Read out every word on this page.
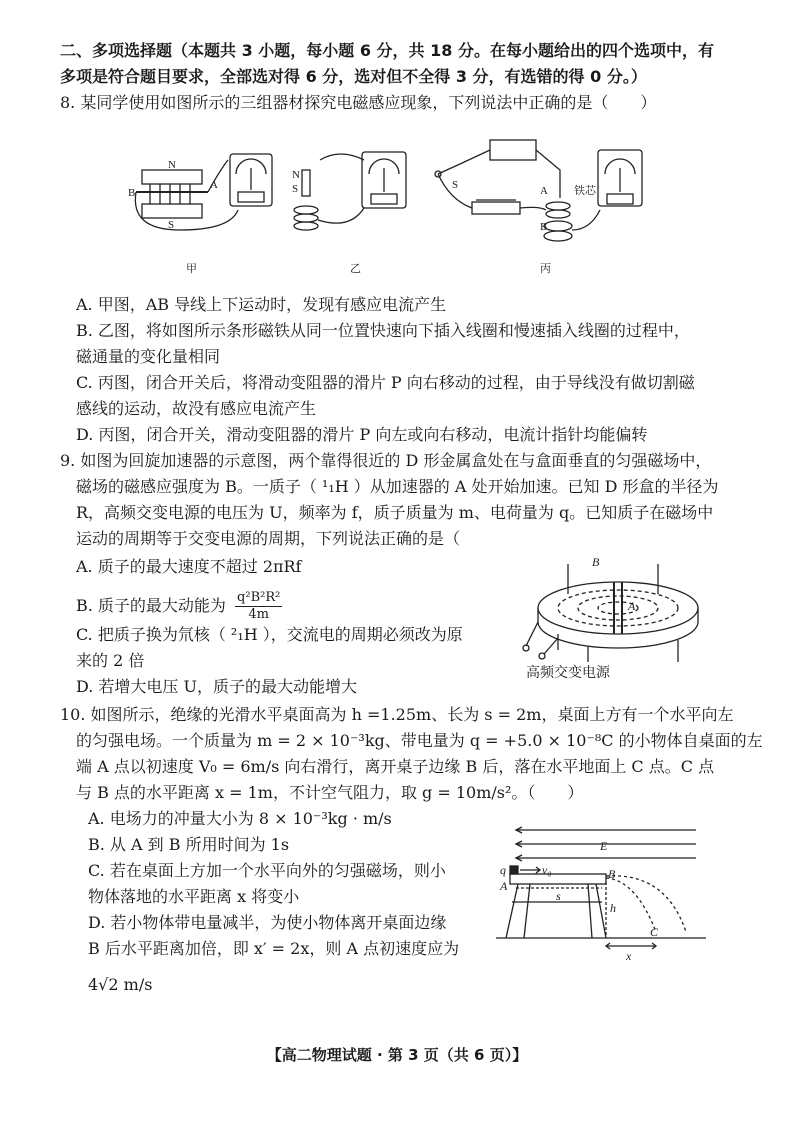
二、多项选择题（本题共 3 小题，每小题 6 分，共 18 分。在每小题给出的四个选项中，有
多项是符合题目要求，全部选对得 6 分，选对但不全得 3 分，有选错的得 0 分。）
8. 某同学使用如图所示的三组器材探究电磁感应现象，下列说法中正确的是（　　）
N
S
B
A
N
S	S	A
B
铁芯
甲	乙	丙
A. 甲图，AB 导线上下运动时，发现有感应电流产生
B. 乙图，将如图所示条形磁铁从同一位置快速向下插入线圈和慢速插入线圈的过程中，
磁通量的变化量相同
C. 丙图，闭合开关后，将滑动变阻器的滑片 P 向右移动的过程，由于导线没有做切割磁
感线的运动，故没有感应电流产生
D. 丙图，闭合开关，滑动变阻器的滑片 P 向左或向右移动，电流计指针均能偏转
9. 如图为回旋加速器的示意图，两个靠得很近的 D 形金属盒处在与盒面垂直的匀强磁场中，
磁场的磁感应强度为 B。一质子（ ¹₁H ）从加速器的 A 处开始加速。已知 D 形盒的半径为
R，高频交变电源的电压为 U，频率为 f，质子质量为 m、电荷量为 q。已知质子在磁场中
运动的周期等于交变电源的周期，下列说法正确的是（
A. 质子的最大速度不超过 2πRf
B. 质子的最大动能为 $\frac{\text{q²B²R²}}{4m}$
C. 把质子换为氘核（ ²₁H ），交流电的周期必须改为原
来的 2 倍
D. 若增大电压 U，质子的最大动能增大
B
A
高频交变电源
10. 如图所示，绝缘的光滑水平桌面高为 h =1.25m、长为 s = 2m，桌面上方有一个水平向左
的匀强电场。一个质量为 m = 2 × 10⁻³kg、带电量为 q = +5.0 × 10⁻⁸C 的小物体自桌面的左
端 A 点以初速度 V₀ = 6m/s 向右滑行，离开桌子边缘 B 后，落在水平地面上 C 点。C 点
与 B 点的水平距离 x = 1m，不计空气阻力，取 g = 10m/s²。（　　）
A. 电场力的冲量大小为 8 × 10⁻³kg · m/s
B. 从 A 到 B 所用时间为 1s
C. 若在桌面上方加一个水平向外的匀强磁场，则小
物体落地的水平距离 x 将变小
D. 若小物体带电量减半，为使小物体离开桌面边缘
B 后水平距离加倍，即 x′ = 2x，则 A 点初速度应为
4√2 m/s
E
q	v₀
A
B
s
h
C
x
【高二物理试题 · 第 3 页（共 6 页）】
